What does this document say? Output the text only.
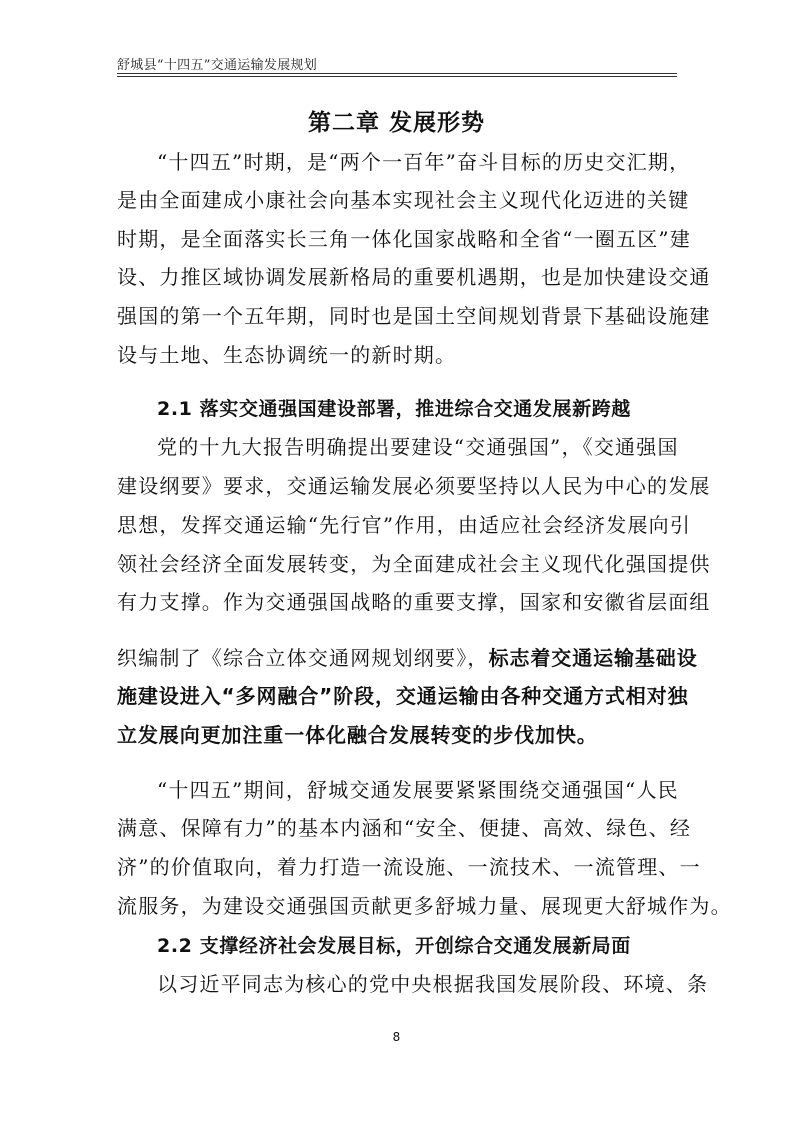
舒城县“十四五”交通运输发展规划
第二章 发展形势
“十四五”时期，是“两个一百年”奋斗目标的历史交汇期，
是由全面建成小康社会向基本实现社会主义现代化迈进的关键
时期，是全面落实长三角一体化国家战略和全省“一圈五区”建
设、力推区域协调发展新格局的重要机遇期，也是加快建设交通
强国的第一个五年期，同时也是国土空间规划背景下基础设施建
设与土地、生态协调统一的新时期。
2.1 落实交通强国建设部署，推进综合交通发展新跨越
党的十九大报告明确提出要建设“交通强国”，《交通强国
建设纲要》要求，交通运输发展必须要坚持以人民为中心的发展
思想，发挥交通运输“先行官”作用，由适应社会经济发展向引
领社会经济全面发展转变，为全面建成社会主义现代化强国提供
有力支撑。作为交通强国战略的重要支撑，国家和安徽省层面组
织编制了《综合立体交通网规划纲要》，标志着交通运输基础设
施建设进入“多网融合”阶段，交通运输由各种交通方式相对独
立发展向更加注重一体化融合发展转变的步伐加快。
“十四五”期间，舒城交通发展要紧紧围绕交通强国“人民
满意、保障有力”的基本内涵和“安全、便捷、高效、绿色、经
济”的价值取向，着力打造一流设施、一流技术、一流管理、一
流服务，为建设交通强国贡献更多舒城力量、展现更大舒城作为。
2.2 支撑经济社会发展目标，开创综合交通发展新局面
以习近平同志为核心的党中央根据我国发展阶段、环境、条
8
